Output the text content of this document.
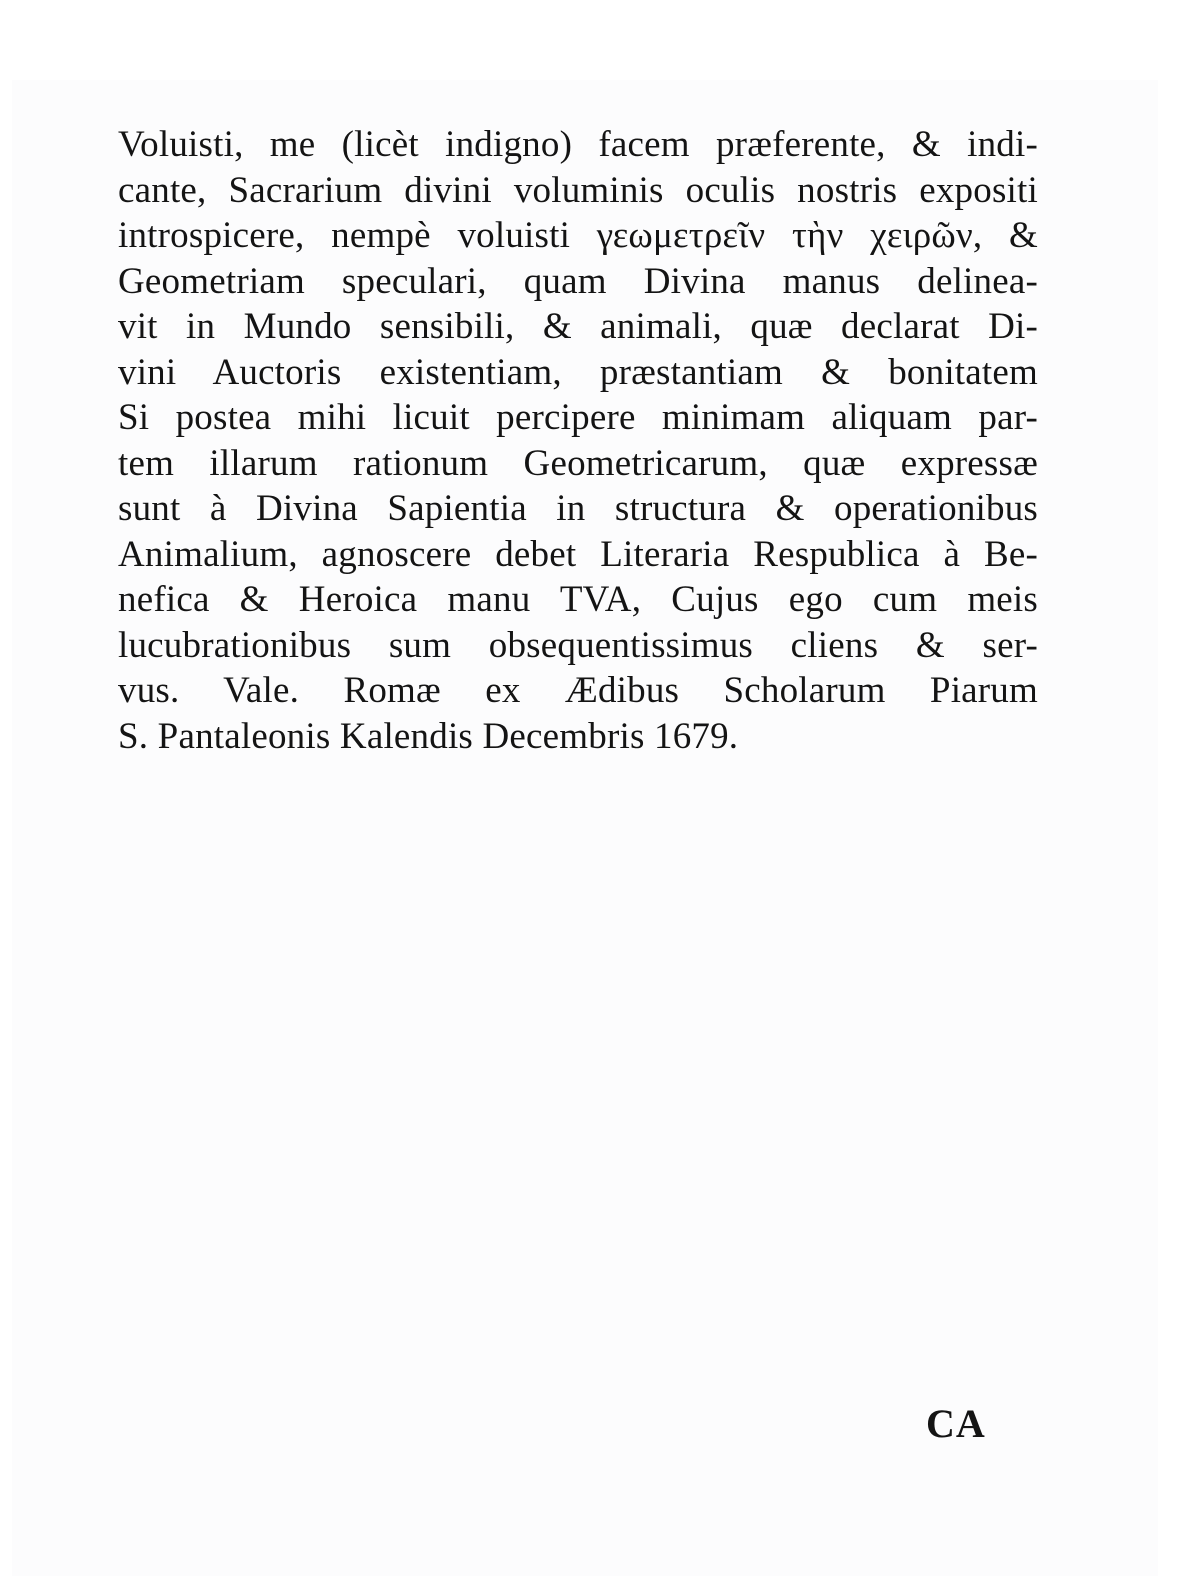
Voluisti, me (licèt indigno) facem præferente, & indi-
cante, Sacrarium divini voluminis oculis nostris expositi
introspicere, nempè voluisti γεωμετρεῖν τὴν χειρῶν, &
Geometriam speculari, quam Divina manus delinea-
vit in Mundo sensibili, & animali, quæ declarat Di-
vini Auctoris existentiam, præstantiam & bonitatem
Si postea mihi licuit percipere minimam aliquam par-
tem illarum rationum Geometricarum, quæ expressæ
sunt à Divina Sapientia in structura & operationibus
Animalium, agnoscere debet Literaria Respublica à Be-
nefica & Heroica manu TVA, Cujus ego cum meis
lucubrationibus sum obsequentissimus cliens & ser-
vus. Vale. Romæ ex Ædibus Scholarum Piarum
S. Pantaleonis Kalendis Decembris 1679.
CA
